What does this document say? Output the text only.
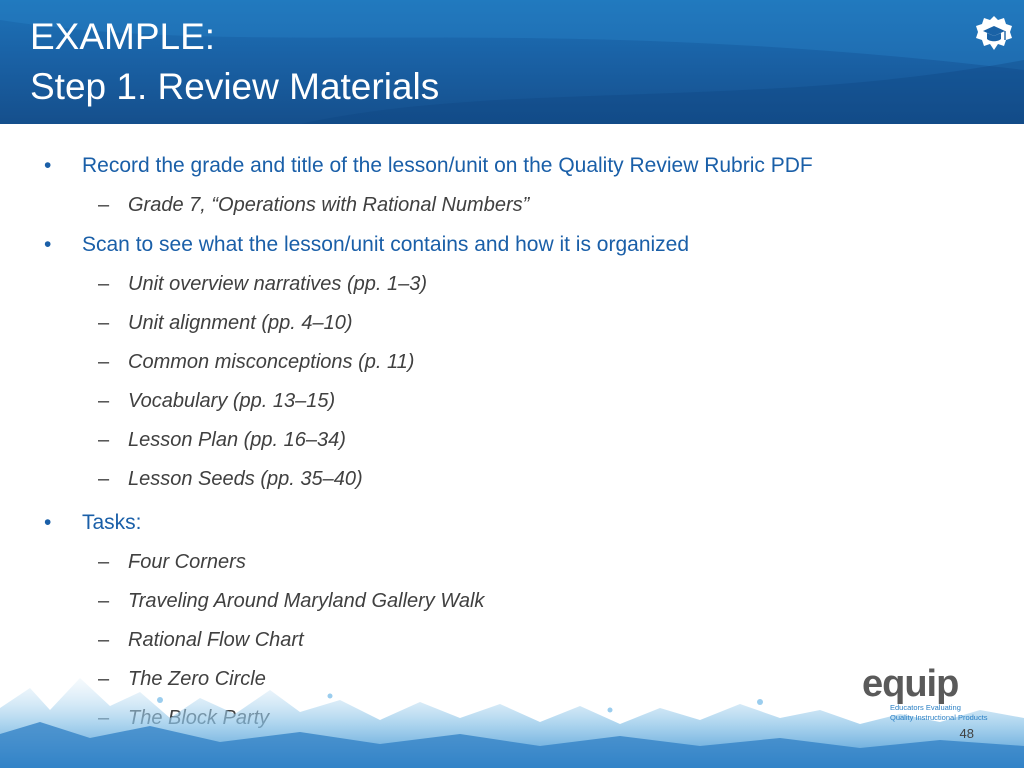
EXAMPLE:
Step 1. Review Materials
•	Record the grade and title of the lesson/unit on the Quality Review Rubric PDF
– Grade 7, “Operations with Rational Numbers”
•	Scan to see what the lesson/unit contains and how it is organized
– Unit overview narratives (pp. 1–3)
– Unit alignment (pp. 4–10)
– Common misconceptions (p. 11)
– Vocabulary (pp. 13–15)
– Lesson Plan (pp. 16–34)
– Lesson Seeds (pp. 35–40)
•	Tasks:
– Four Corners
– Traveling Around Maryland Gallery Walk
– Rational Flow Chart
– The Zero Circle	equip
Educators Evaluating
Quality Instructional Products
48
